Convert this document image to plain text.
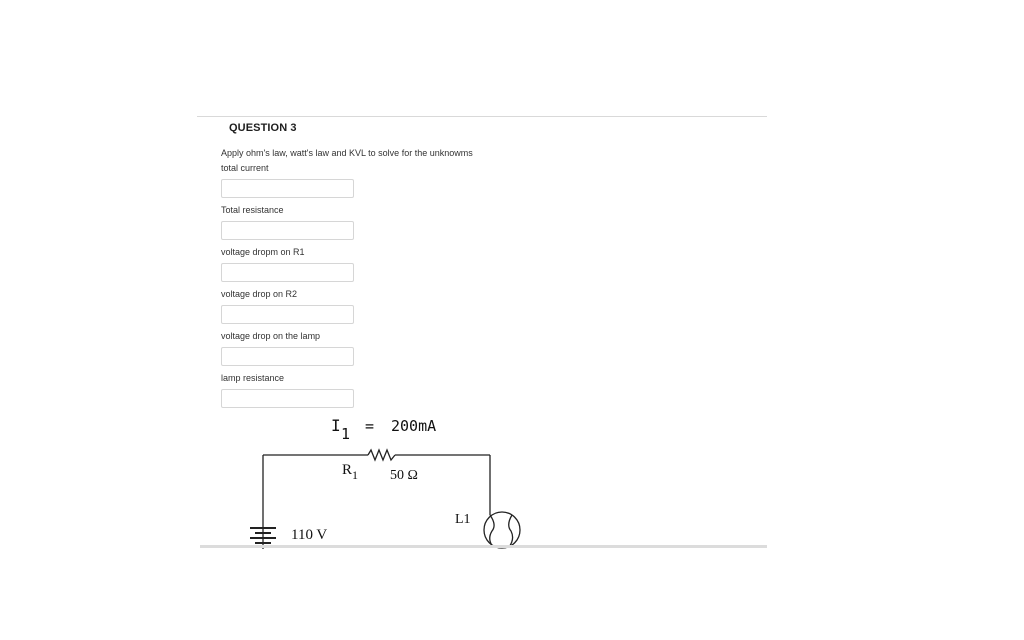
QUESTION 3
Apply ohm's law, watt's law and KVL to solve for the unknowms
total current
Total resistance
voltage dropm on R1
voltage drop on R2
voltage drop on the lamp
lamp resistance
I 1 = 200mA
R 1 50 Ω
110 V
L1
